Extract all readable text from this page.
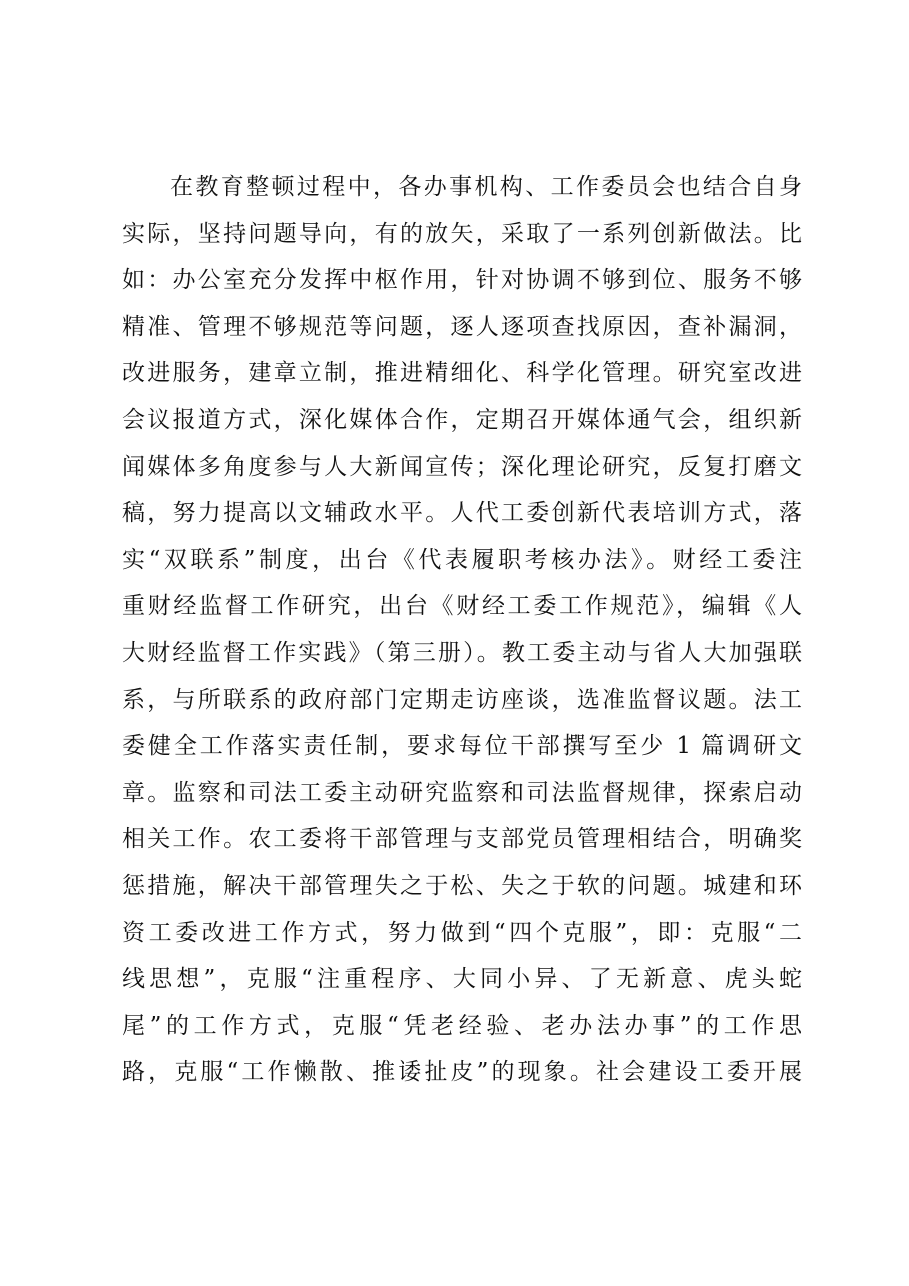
在教育整顿过程中，各办事机构、工作委员会也结合自身
实际，坚持问题导向，有的放矢，采取了一系列创新做法。比
如：办公室充分发挥中枢作用，针对协调不够到位、服务不够
精准、管理不够规范等问题，逐人逐项查找原因，查补漏洞，
改进服务，建章立制，推进精细化、科学化管理。研究室改进
会议报道方式，深化媒体合作，定期召开媒体通气会，组织新
闻媒体多角度参与人大新闻宣传；深化理论研究，反复打磨文
稿，努力提高以文辅政水平。人代工委创新代表培训方式，落
实“双联系”制度，出台《代表履职考核办法》。财经工委注
重财经监督工作研究，出台《财经工委工作规范》，编辑《人
大财经监督工作实践》（第三册）。教工委主动与省人大加强联
系，与所联系的政府部门定期走访座谈，选准监督议题。法工
委健全工作落实责任制，要求每位干部撰写至少 1 篇调研文
章。监察和司法工委主动研究监察和司法监督规律，探索启动
相关工作。农工委将干部管理与支部党员管理相结合，明确奖
惩措施，解决干部管理失之于松、失之于软的问题。城建和环
资工委改进工作方式，努力做到“四个克服”，即：克服“二
线思想”，克服“注重程序、大同小异、了无新意、虎头蛇
尾”的工作方式，克服“凭老经验、老办法办事”的工作思
路，克服“工作懒散、推诿扯皮”的现象。社会建设工委开展
